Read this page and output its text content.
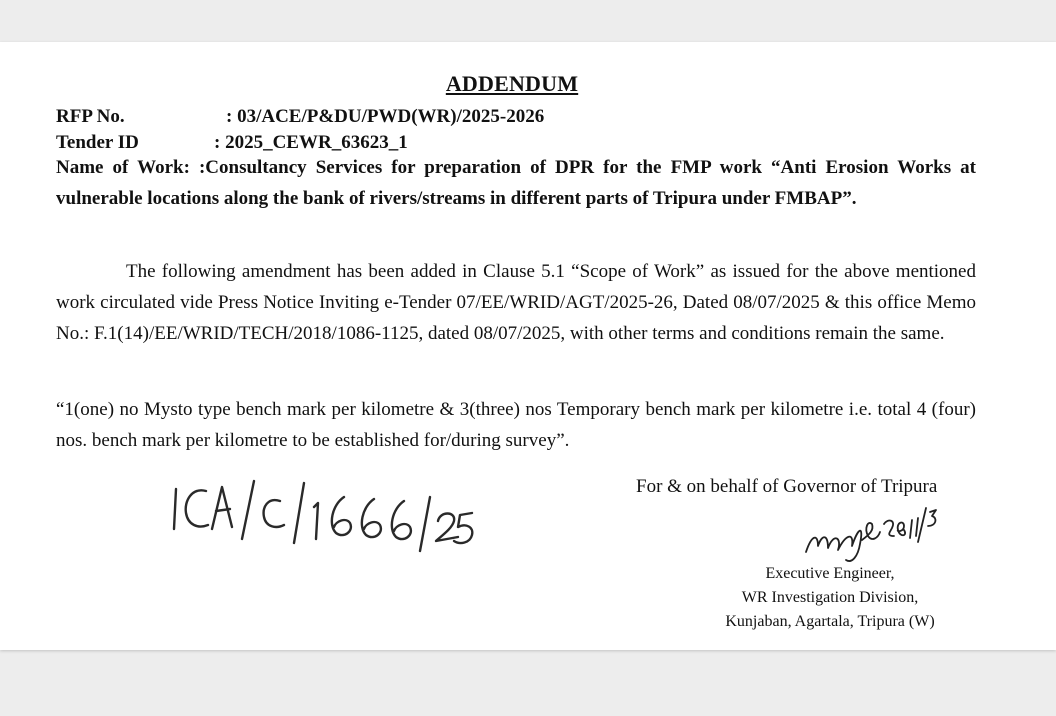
ADDENDUM
RFP No.	: 03/ACE/P&DU/PWD(WR)/2025-2026
Tender ID	: 2025_CEWR_63623_1
Name of Work: :Consultancy Services for preparation of DPR for the FMP work “Anti Erosion Works at vulnerable locations along the bank of rivers/streams in different parts of Tripura under FMBAP”.
The following amendment has been added in Clause 5.1 “Scope of Work” as issued for the above mentioned work circulated vide Press Notice Inviting e-Tender 07/EE/WRID/AGT/2025-26, Dated 08/07/2025 & this office Memo No.: F.1(14)/EE/WRID/TECH/2018/1086-1125, dated 08/07/2025, with other terms and conditions remain the same.
“1(one) no Mysto type bench mark per kilometre & 3(three) nos Temporary bench mark per kilometre i.e. total 4 (four) nos. bench mark per kilometre to be established for/during survey”.
For & on behalf of Governor of Tripura
Executive Engineer,
WR Investigation Division,
Kunjaban, Agartala, Tripura (W)
